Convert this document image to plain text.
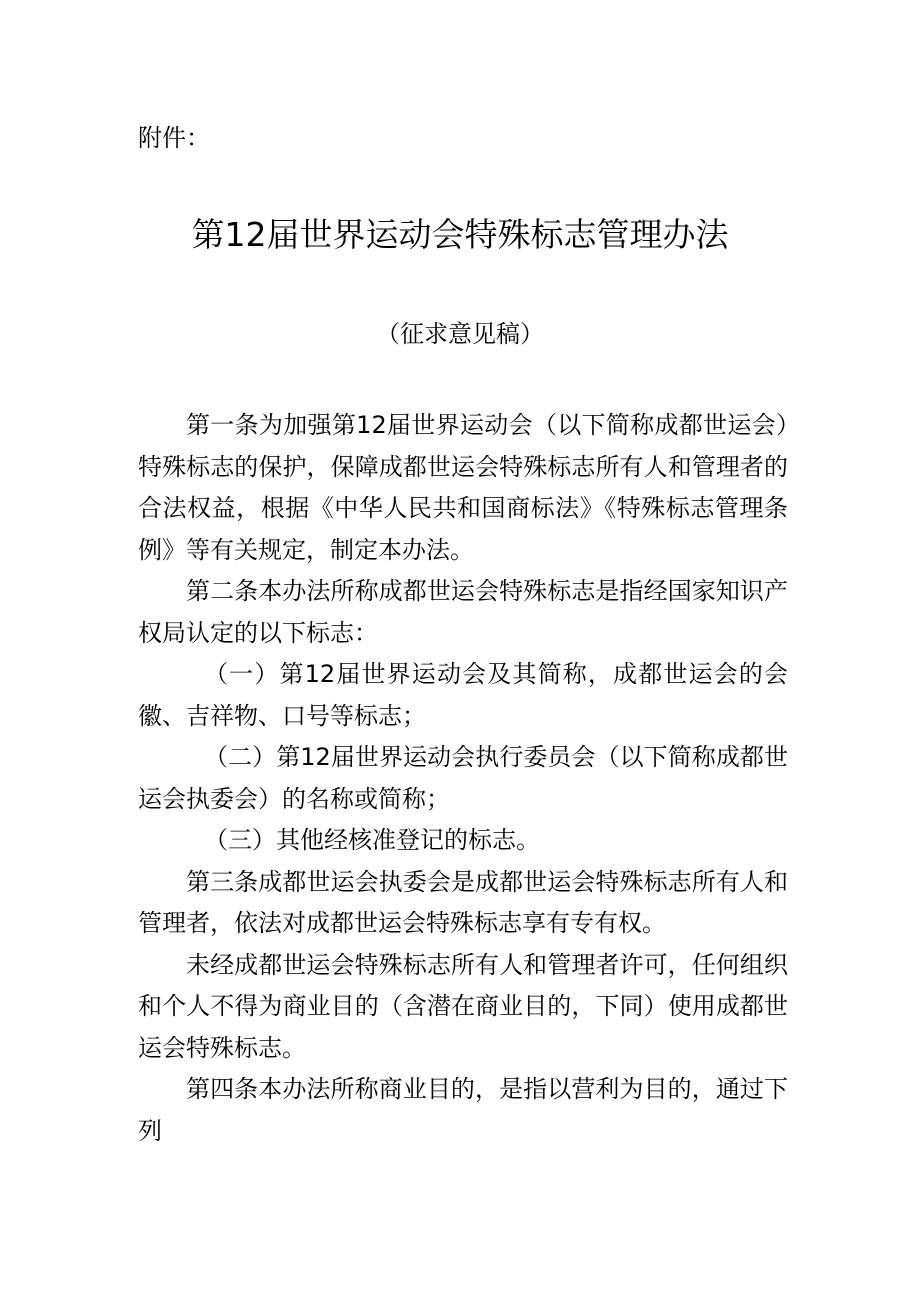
附件：

第12届世界运动会特殊标志管理办法

（征求意见稿）

第一条为加强第12届世界运动会（以下简称成都世运会）特殊标志的保护，保障成都世运会特殊标志所有人和管理者的合法权益，根据《中华人民共和国商标法》《特殊标志管理条例》等有关规定，制定本办法。

第二条本办法所称成都世运会特殊标志是指经国家知识产权局认定的以下标志：

（一）第12届世界运动会及其简称，成都世运会的会徽、吉祥物、口号等标志；

（二）第12届世界运动会执行委员会（以下简称成都世运会执委会）的名称或简称；

（三）其他经核准登记的标志。

第三条成都世运会执委会是成都世运会特殊标志所有人和管理者，依法对成都世运会特殊标志享有专有权。

未经成都世运会特殊标志所有人和管理者许可，任何组织和个人不得为商业目的（含潜在商业目的，下同）使用成都世运会特殊标志。

第四条本办法所称商业目的，是指以营利为目的，通过下列
